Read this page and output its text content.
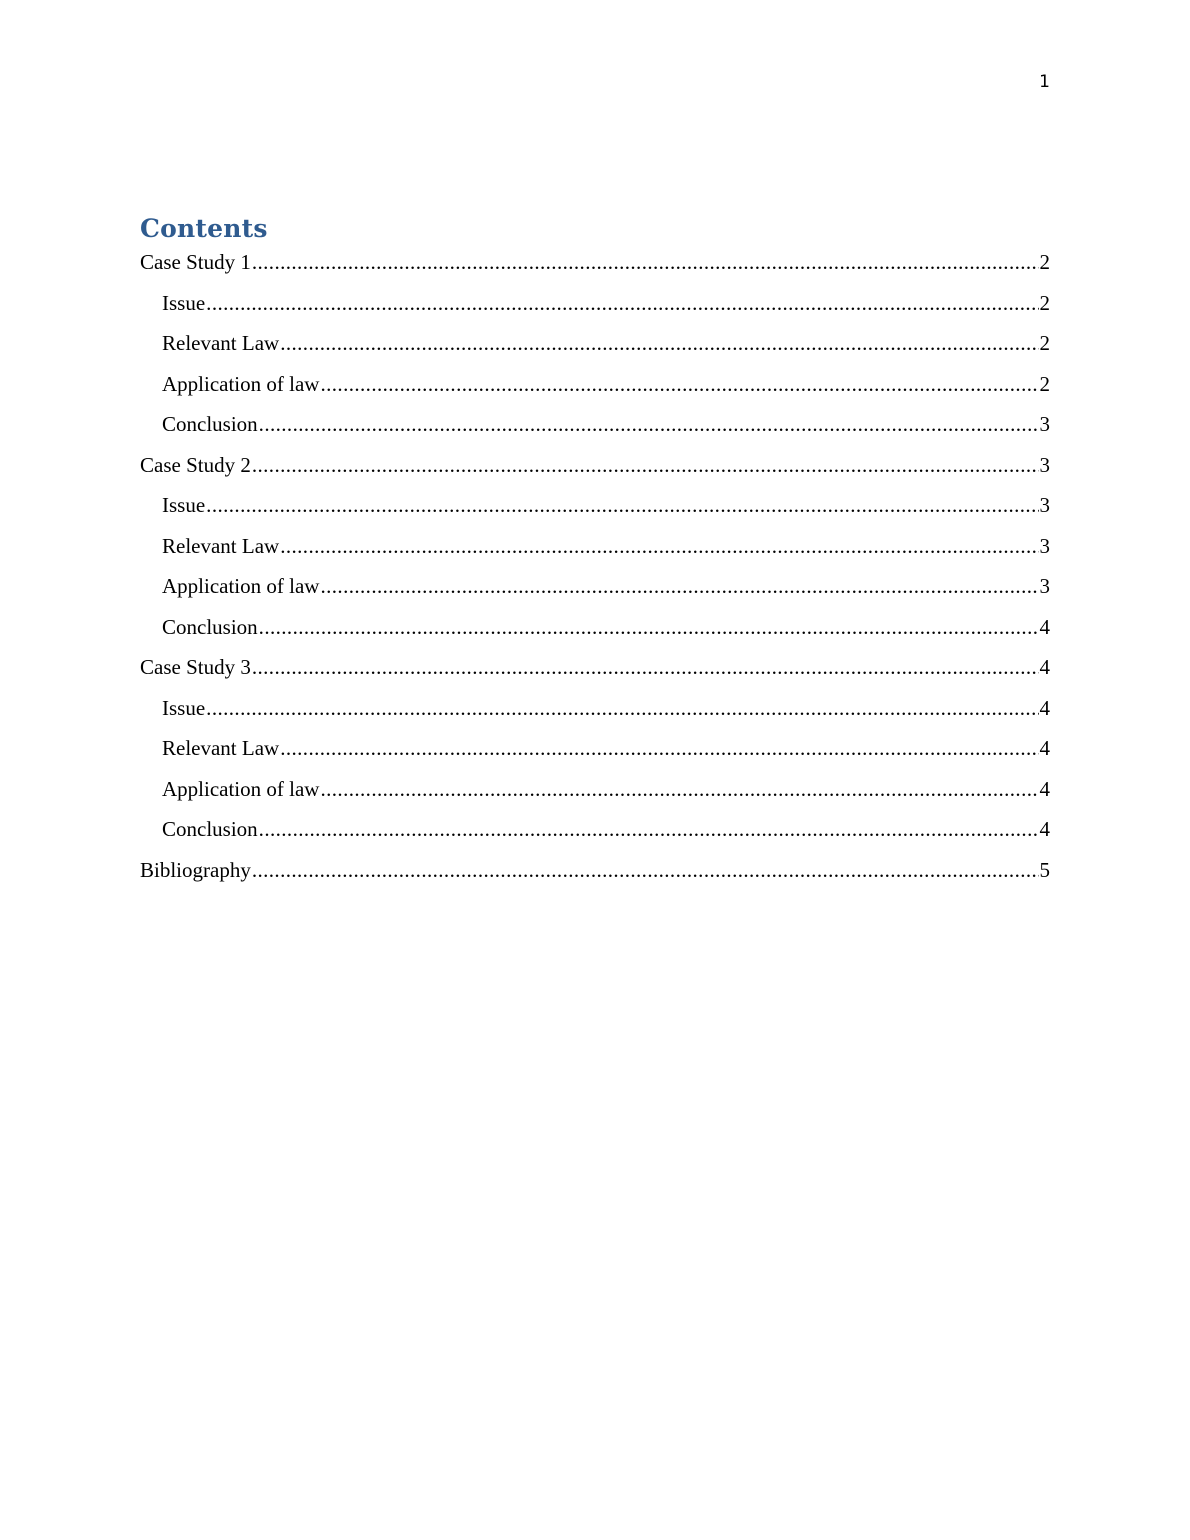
1
Contents
Case Study 1 .....	2
Issue .....	2
Relevant Law .....	2
Application of law .....	2
Conclusion .....	3
Case Study 2 .....	3
Issue .....	3
Relevant Law .....	3
Application of law .....	3
Conclusion .....	4
Case Study 3 .....	4
Issue .....	4
Relevant Law .....	4
Application of law .....	4
Conclusion .....	4
Bibliography .....	5
